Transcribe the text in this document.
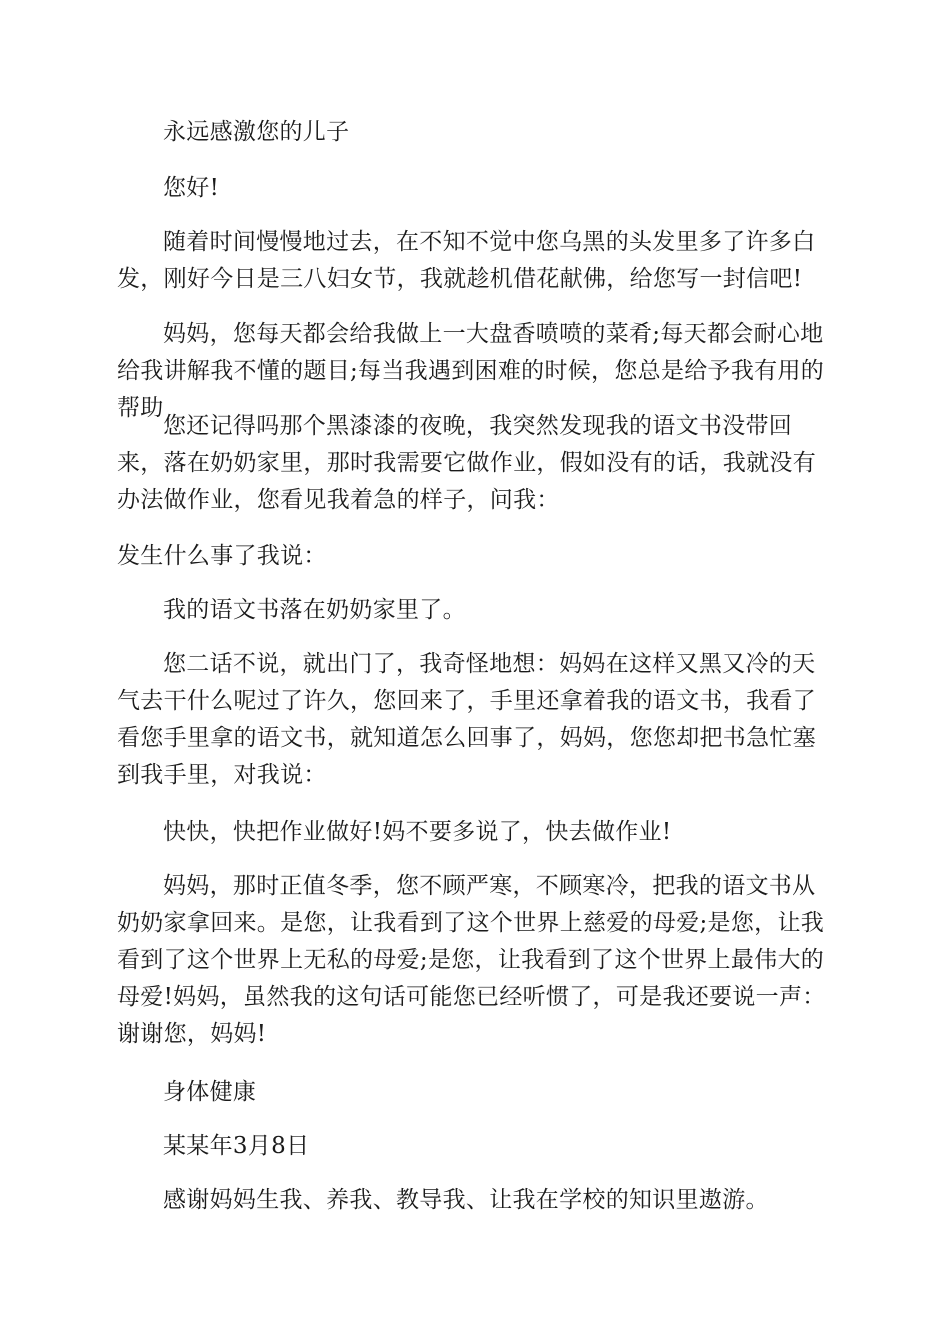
永远感激您的儿子

您好!

随着时间慢慢地过去，在不知不觉中您乌黑的头发里多了许多白发，刚好今日是三八妇女节，我就趁机借花献佛，给您写一封信吧!

妈妈，您每天都会给我做上一大盘香喷喷的菜肴;每天都会耐心地给我讲解我不懂的题目;每当我遇到困难的时候，您总是给予我有用的帮助

您还记得吗那个黑漆漆的夜晚，我突然发现我的语文书没带回来，落在奶奶家里，那时我需要它做作业，假如没有的话，我就没有办法做作业，您看见我着急的样子，问我：

发生什么事了我说：

我的语文书落在奶奶家里了。

您二话不说，就出门了，我奇怪地想：妈妈在这样又黑又冷的天气去干什么呢过了许久，您回来了，手里还拿着我的语文书，我看了看您手里拿的语文书，就知道怎么回事了，妈妈，您您却把书急忙塞到我手里，对我说：

快快，快把作业做好!妈不要多说了，快去做作业!

妈妈，那时正值冬季，您不顾严寒，不顾寒冷，把我的语文书从奶奶家拿回来。是您，让我看到了这个世界上慈爱的母爱;是您，让我看到了这个世界上无私的母爱;是您，让我看到了这个世界上最伟大的母爱!妈妈，虽然我的这句话可能您已经听惯了，可是我还要说一声：谢谢您，妈妈!

身体健康

某某年3月8日

感谢妈妈生我、养我、教导我、让我在学校的知识里遨游。
